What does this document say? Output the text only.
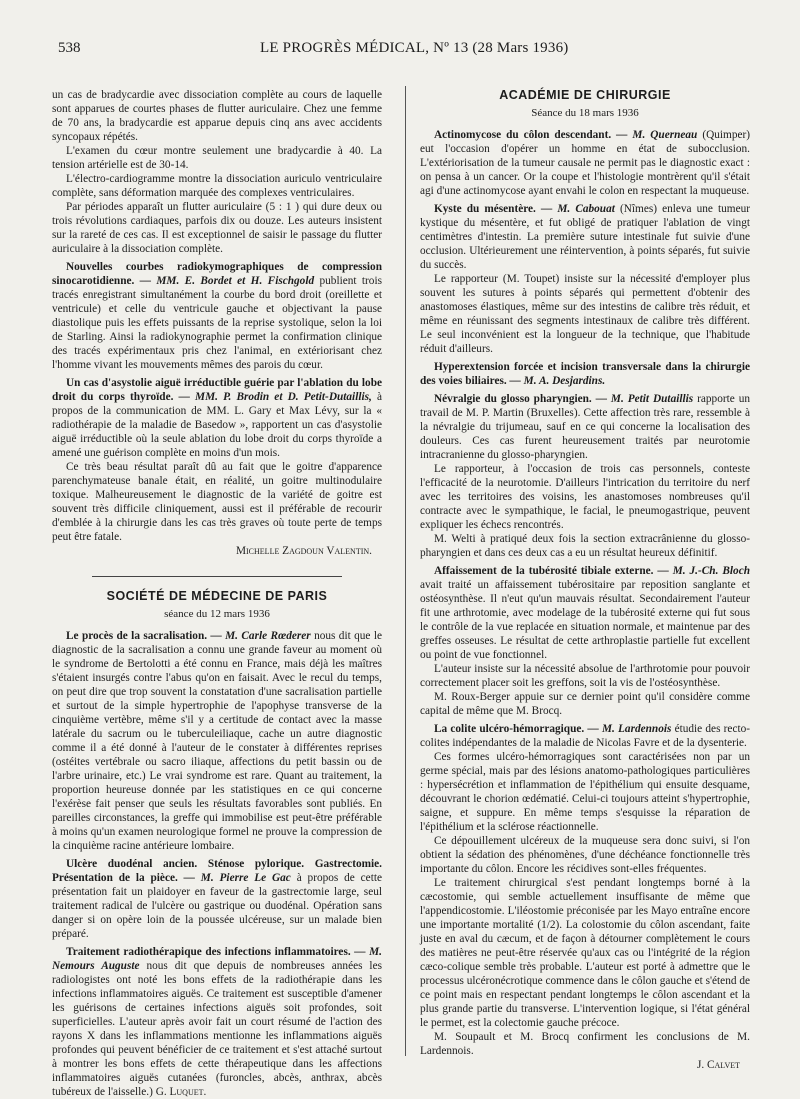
538	LE PROGRÈS MÉDICAL, Nº 13 (28 Mars 1936)

un cas de bradycardie avec dissociation complète au cours de laquelle sont apparues de courtes phases de flutter auriculaire. Chez une femme de 70 ans, la bradycardie est apparue depuis cinq ans avec accidents syncopaux répétés.

L'examen du cœur montre seulement une bradycardie à 40. La tension artérielle est de 30-14.

L'électro-cardiogramme montre la dissociation auriculo ventriculaire complète, sans déformation marquée des complexes ventriculaires.

Par périodes apparaît un flutter auriculaire (5 : 1 ) qui dure deux ou trois révolutions cardiaques, parfois dix ou douze. Les auteurs insistent sur la rareté de ces cas. Il est exceptionnel de saisir le passage du flutter auriculaire à la dissociation complète.

Nouvelles courbes radiokymographiques de compression sinocarotidienne. — MM. E. Bordet et H. Fischgold publient trois tracés enregistrant simultanément la courbe du bord droit (oreillette et ventricule) et celle du ventricule gauche et objectivant la pause diastolique puis les effets puissants de la reprise systolique, selon la loi de Starling. Ainsi la radiokynographie permet la confirmation clinique des tracés expérimentaux pris chez l'animal, en extériorisant chez l'homme vivant les mouvements mêmes des parois du cœur.

Un cas d'asystolie aiguë irréductible guérie par l'ablation du lobe droit du corps thyroïde. — MM. P. Brodin et D. Petit-Dutaillis, à propos de la communication de MM. L. Gary et Max Lévy, sur la « radiothérapie de la maladie de Basedow », rapportent un cas d'asystolie aiguë irréductible où la seule ablation du lobe droit du corps thyroïde a amené une guérison complète en moins d'un mois.

Ce très beau résultat paraît dû au fait que le goitre d'apparence parenchymateuse banale était, en réalité, un goitre multinodulaire toxique. Malheureusement le diagnostic de la variété de goitre est souvent très difficile cliniquement, aussi est il préférable de recourir d'emblée à la chirurgie dans les cas très graves où toute perte de temps peut être fatale.

Michelle Zagdoun Valentin.
SOCIÉTÉ DE MÉDECINE DE PARIS
séance du 12 mars 1936

Le procès de la sacralisation. — M. Carle Rœderer nous dit que le diagnostic de la sacralisation a connu une grande faveur au moment où le syndrome de Bertolotti a été connu en France, mais déjà les maîtres s'étaient insurgés contre l'abus qu'on en faisait. Avec le recul du temps, on peut dire que trop souvent la constatation d'une sacralisation partielle et surtout de la simple hypertrophie de l'apophyse transverse de la cinquième vertèbre, même s'il y a certitude de contact avec la masse latérale du sacrum ou le tuberculeiliaque, cache un autre diagnostic comme il a été donné à l'auteur de le constater à différentes reprises (ostéites vertébrale ou sacro iliaque, affections du petit bassin ou de l'arbre urinaire, etc.) Le vrai syndrome est rare. Quant au traitement, la proportion heureuse donnée par les statistiques en ce qui concerne l'exérèse fait penser que seuls les résultats favorables sont publiés. En pareilles circonstances, la greffe qui immobilise est peut-être préférable à moins qu'un examen neurologique formel ne prouve la compression de la cinquième racine antérieure lombaire.

Ulcère duodénal ancien. Sténose pylorique. Gastrectomie. Présentation de la pièce. — M. Pierre Le Gac à propos de cette présentation fait un plaidoyer en faveur de la gastrectomie large, seul traitement radical de l'ulcère ou gastrique ou duodénal. Opération sans danger si on opère loin de la poussée ulcéreuse, sur un malade bien préparé.

Traitement radiothérapique des infections inflammatoires. — M. Nemours Auguste nous dit que depuis de nombreuses années les radiologistes ont noté les bons effets de la radiothérapie dans les infections inflammatoires aiguës. Ce traitement est susceptible d'amener les guérisons de certaines infections aiguës soit profondes, soit superficielles. L'auteur après avoir fait un court résumé de l'action des rayons X dans les inflammations mentionne les inflammations aiguës profondes qui peuvent bénéficier de ce traitement et s'est attaché surtout à montrer les bons effets de cette thérapeutique dans les affections inflammatoires aiguës cutanées (furoncles, abcès, anthrax, abcès tubéreux de l'aisselle.) G. Luquet.

ACADÉMIE DE CHIRURGIE
Séance du 18 mars 1936

Actinomycose du côlon descendant. — M. Querneau (Quimper) eut l'occasion d'opérer un homme en état de subocclusion. L'extériorisation de la tumeur causale ne permit pas le diagnostic exact : on pensa à un cancer. Or la coupe et l'histologie montrèrent qu'il s'était agi d'une actinomycose ayant envahi le colon en respectant la muqueuse.

Kyste du mésentère. — M. Cabouat (Nîmes) enleva une tumeur kystique du mésentère, et fut obligé de pratiquer l'ablation de vingt centimètres d'intestin. La première suture intestinale fut suivie d'une occlusion. Ultérieurement une réintervention, à points séparés, fut suivie du succès.

Le rapporteur (M. Toupet) insiste sur la nécessité d'employer plus souvent les sutures à points séparés qui permettent d'obtenir des anastomoses élastiques, même sur des intestins de calibre très réduit, et même en réunissant des segments intestinaux de calibre très différent. Le seul inconvénient est la longueur de la technique, que l'habitude réduit d'ailleurs.

Hyperextension forcée et incision transversale dans la chirurgie des voies biliaires. — M. A. Desjardins.

Névralgie du glosso pharyngien. — M. Petit Dutaillis rapporte un travail de M. P. Martin (Bruxelles). Cette affection très rare, ressemble à la névralgie du trijumeau, sauf en ce qui concerne la localisation des douleurs. Ces cas furent heureusement traités par neurotomie intracranienne du glosso-pharyngien.

Le rapporteur, à l'occasion de trois cas personnels, conteste l'efficacité de la neurotomie. D'ailleurs l'intrication du territoire du nerf avec les territoires des voisins, les anastomoses nombreuses qu'il contracte avec le sympathique, le facial, le pneumogastrique, peuvent expliquer les échecs rencontrés.

M. Welti à pratiqué deux fois la section extracrânienne du glosso-pharyngien et dans ces deux cas a eu un résultat heureux définitif.

Affaissement de la tubérosité tibiale externe. — M. J.-Ch. Bloch avait traité un affaissement tubérositaire par reposition sanglante et ostéosynthèse. Il n'eut qu'un mauvais résultat. Secondairement l'auteur fit une arthrotomie, avec modelage de la tubérosité externe qui fut sous le contrôle de la vue replacée en situation normale, et maintenue par des greffes osseuses. Le résultat de cette arthroplastie partielle fut excellent ou point de vue fonctionnel.

L'auteur insiste sur la nécessité absolue de l'arthrotomie pour pouvoir correctement placer soit les greffons, soit la vis de l'ostéosynthèse.

M. Roux-Berger appuie sur ce dernier point qu'il considère comme capital de même que M. Brocq.

La colite ulcéro-hémorragique. — M. Lardennois étudie des recto-colites indépendantes de la maladie de Nicolas Favre et de la dysenterie.

Ces formes ulcéro-hémorragiques sont caractérisées non par un germe spécial, mais par des lésions anatomo-pathologiques particulières : hypersécrétion et inflammation de l'épithélium qui ensuite desquame, découvrant le chorion œdématié. Celui-ci toujours atteint s'hypertrophie, saigne, et suppure. En même temps s'esquisse la réparation de l'épithélium et la sclérose réactionnelle.

Ce dépouillement ulcéreux de la muqueuse sera donc suivi, si l'on obtient la sédation des phénomènes, d'une déchéance fonctionnelle très importante du côlon. Encore les récidives sont-elles fréquentes.

Le traitement chirurgical s'est pendant longtemps borné à la cæcostomie, qui semble actuellement insuffisante de même que l'appendicostomie. L'iléostomie préconisée par les Mayo entraîne encore une importante mortalité (1/2). La colostomie du côlon ascendant, faite juste en aval du cæcum, et de façon à détourner complètement le cours des matières ne peut-être réservée qu'aux cas ou l'intégrité de la région cæco-colique semble très probable. L'auteur est porté à admettre que le processus ulcéronécrotique commence dans le côlon gauche et s'étend de ce point mais en respectant pendant longtemps le côlon ascendant et la plus grande partie du transverse. L'intervention logique, si l'état général le permet, est la colectomie gauche précoce.

M. Soupault et M. Brocq confirment les conclusions de M. Lardennois.

J. Calvet
